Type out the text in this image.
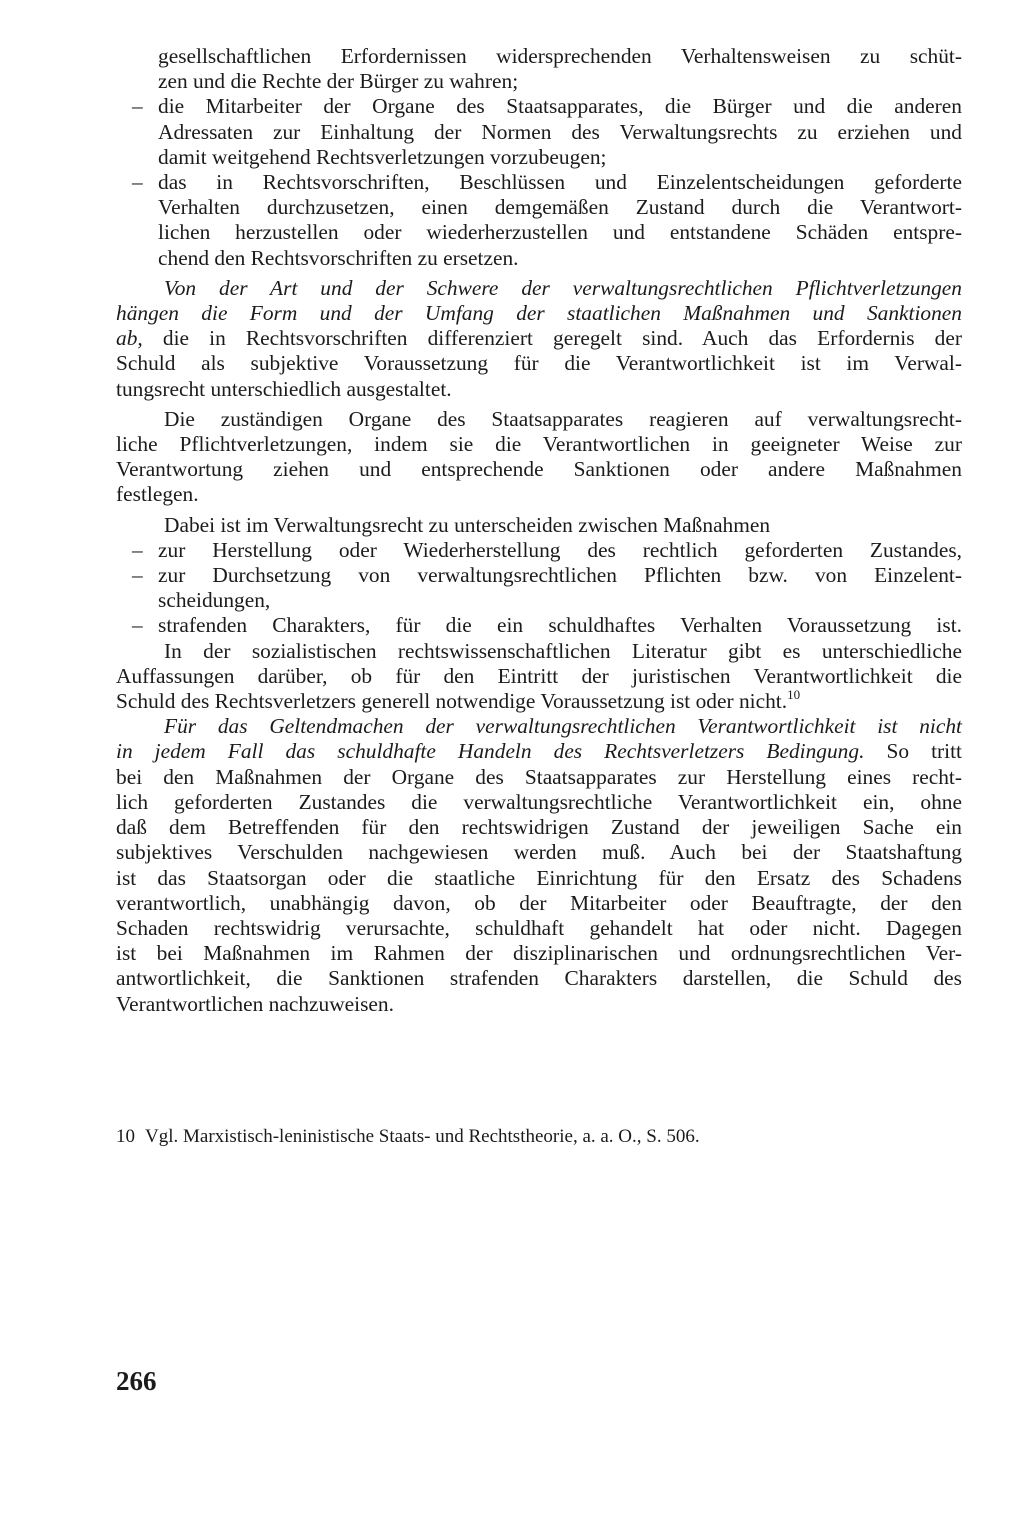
gesellschaftlichen Erfordernissen widersprechenden Verhaltensweisen zu schüt-
zen und die Rechte der Bürger zu wahren;
– die Mitarbeiter der Organe des Staatsapparates, die Bürger und die anderen
Adressaten zur Einhaltung der Normen des Verwaltungsrechts zu erziehen und
damit weitgehend Rechtsverletzungen vorzubeugen;
– das in Rechtsvorschriften, Beschlüssen und Einzelentscheidungen geforderte
Verhalten durchzusetzen, einen demgemäßen Zustand durch die Verantwort-
lichen herzustellen oder wiederherzustellen und entstandene Schäden entspre-
chend den Rechtsvorschriften zu ersetzen.
Von der Art und der Schwere der verwaltungsrechtlichen Pflichtverletzungen
hängen die Form und der Umfang der staatlichen Maßnahmen und Sanktionen
ab, die in Rechtsvorschriften differenziert geregelt sind. Auch das Erfordernis der
Schuld als subjektive Voraussetzung für die Verantwortlichkeit ist im Verwal-
tungsrecht unterschiedlich ausgestaltet.
Die zuständigen Organe des Staatsapparates reagieren auf verwaltungsrecht-
liche Pflichtverletzungen, indem sie die Verantwortlichen in geeigneter Weise zur
Verantwortung ziehen und entsprechende Sanktionen oder andere Maßnahmen
festlegen.
Dabei ist im Verwaltungsrecht zu unterscheiden zwischen Maßnahmen
– zur Herstellung oder Wiederherstellung des rechtlich geforderten Zustandes,
– zur Durchsetzung von verwaltungsrechtlichen Pflichten bzw. von Einzelent-
scheidungen,
– strafenden Charakters, für die ein schuldhaftes Verhalten Voraussetzung ist.
In der sozialistischen rechtswissenschaftlichen Literatur gibt es unterschiedliche
Auffassungen darüber, ob für den Eintritt der juristischen Verantwortlichkeit die
Schuld des Rechtsverletzers generell notwendige Voraussetzung ist oder nicht.$^{10}$
Für das Geltendmachen der verwaltungsrechtlichen Verantwortlichkeit ist nicht
in jedem Fall das schuldhafte Handeln des Rechtsverletzers Bedingung. So tritt
bei den Maßnahmen der Organe des Staatsapparates zur Herstellung eines recht-
lich geforderten Zustandes die verwaltungsrechtliche Verantwortlichkeit ein, ohne
daß dem Betreffenden für den rechtswidrigen Zustand der jeweiligen Sache ein
subjektives Verschulden nachgewiesen werden muß. Auch bei der Staatshaftung
ist das Staatsorgan oder die staatliche Einrichtung für den Ersatz des Schadens
verantwortlich, unabhängig davon, ob der Mitarbeiter oder Beauftragte, der den
Schaden rechtswidrig verursachte, schuldhaft gehandelt hat oder nicht. Dagegen
ist bei Maßnahmen im Rahmen der disziplinarischen und ordnungsrechtlichen Ver-
antwortlichkeit, die Sanktionen strafenden Charakters darstellen, die Schuld des
Verantwortlichen nachzuweisen.
10 Vgl. Marxistisch-leninistische Staats- und Rechtstheorie, a. a. O., S. 506.
266
